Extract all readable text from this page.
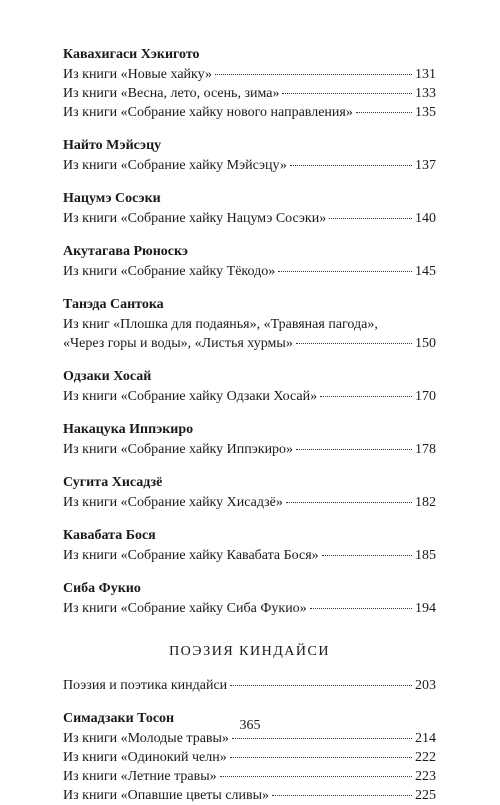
Кавахигаси Хэкигото
Из книги «Новые хайку»	131
Из книги «Весна, лето, осень, зима»	133
Из книги «Собрание хайку нового направления»	135
Найто Мэйсэцу
Из книги «Собрание хайку Мэйсэцу»	137
Нацумэ Сосэки
Из книги «Собрание хайку Нацумэ Сосэки»	140
Акутагава Рюноскэ
Из книги «Собрание хайку Тёкодо»	145
Танэда Сантока
Из книг «Плошка для подаянья», «Травяная пагода»,
«Через горы и воды», «Листья хурмы»	150
Одзаки Хосай
Из книги «Собрание хайку Одзаки Хосай»	170
Накацука Иппэкиро
Из книги «Собрание хайку Иппэкиро»	178
Сугита Хисадзё
Из книги «Собрание хайку Хисадзё»	182
Кавабата Бося
Из книги «Собрание хайку Кавабата Бося»	185
Сиба Фукио
Из книги «Собрание хайку Сиба Фукио»	194
ПОЭЗИЯ КИНДАЙСИ
Поэзия и поэтика киндайси	203
Симадзаки Тосон
Из книги «Молодые травы»	214
Из книги «Одинокий челн»	222
Из книги «Летние травы»	223
Из книги «Опавшие цветы сливы»	225
365
